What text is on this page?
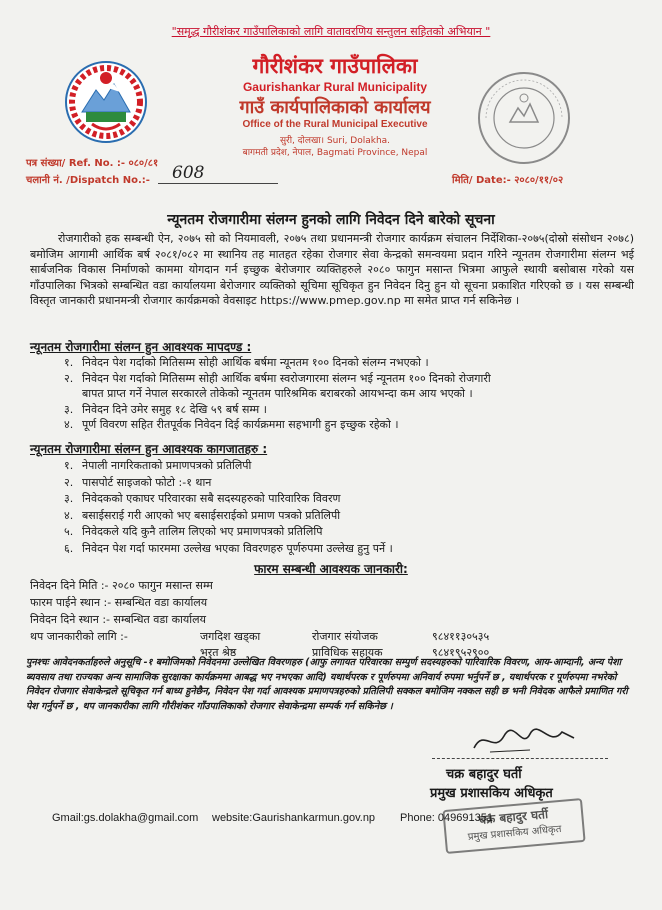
"समृद्ध गौरीशंकर गाउँपालिकाको लागि वातावरणिय सन्तुलन सहितको अभियान "
गौरीशंकर गाउँपालिका
Gaurishankar Rural Municipality
गाउँ कार्यपालिकाको कार्यालय
Office of the Rural Municipal Executive
सुरी, दोलखा। Suri, Dolakha.
बागमती प्रदेश, नेपाल, Bagmati Province, Nepal
पत्र संख्या/ Ref. No. :- ०८०/८१
चलानी नं. /Dispatch No.:- 608	मिति/ Date:- २०८०/११/०२
न्यूनतम रोजगारीमा संलग्न हुनको लागि निवेदन दिने बारेको सूचना
रोजगारीको हक सम्बन्धी ऐन, २०७५ सो को नियमावली, २०७५ तथा प्रधानमन्त्री रोजगार कार्यक्रम संचालन निर्देशिका-२०७५(दोस्रो संसोधन २०७८) बमोजिम आगामी आर्थिक बर्ष २०८१/०८२ मा स्थानिय तह मातहत रहेका रोजगार सेवा केन्द्रको समन्वयमा प्रदान गरिने न्यूनतम रोजगारीमा संलग्न भई सार्बजनिक विकास निर्माणको काममा योगदान गर्न इच्छुक बेरोजगार व्यक्तिहरुले २०८० फागुन मसान्त भित्रमा आफुले स्थायी बसोबास गरेको यस गाँउपालिका भित्रको सम्बन्धित वडा कार्यालयमा बेरोजगार व्यक्तिको सूचिमा सूचिकृत हुन निवेदन दिनु हुन यो सूचना प्रकाशित गरिएको छ । यस सम्बन्धी विस्तृत जानकारी प्रधानमन्त्री रोजगार कार्यक्रमको वेवसाइट https://www.pmep.gov.np मा समेत प्राप्त गर्न सकिनेछ ।
न्यूनतम रोजगारीमा संलग्न हुन आवश्यक मापदण्ड :
१. निवेदन पेश गर्दाको मितिसम्म सोही आर्थिक बर्षमा न्यूनतम १०० दिनको संलग्न नभएको ।
२. निवेदन पेश गर्दाको मितिसम्म सोही आर्थिक बर्षमा स्वरोजगारमा संलग्न भई न्यूनतम १०० दिनको रोजगारी
बापत प्राप्त गर्ने नेपाल सरकारले तोकेको न्यूनतम पारिश्रमिक बराबरको आयभन्दा कम आय भएको ।
३. निवेदन दिने उमेर समुह १८ देखि ५९ बर्ष सम्म ।
४. पूर्ण विवरण सहित रीतपूर्वक निवेदन दिई कार्यक्रममा सहभागी हुन इच्छुक रहेको ।
न्यूनतम रोजगारीमा संलग्न हुन आवश्यक कागजातहरु :
१. नेपाली नागरिकताको प्रमाणपत्रको प्रतिलिपी
२. पासपोर्ट साइजको फोटो :-१ थान
३. निवेदकको एकाघर परिवारका सबै सदस्यहरुको पारिवारिक विवरण
४. बसाईसराई गरी आएको भए बसाईसराईको प्रमाण पत्रको प्रतिलिपी
५. निवेदकले यदि कुनै तालिम लिएको भए प्रमाणपत्रको प्रतिलिपि
६. निवेदन पेश गर्दा फारममा उल्लेख भएका विवरणहरु पूर्णरुपमा उल्लेख हुनु पर्ने ।
फारम सम्बन्धी आवश्यक जानकारी:
निवेदन दिने मिति :- २०८० फागुन मसान्त सम्म
फारम पाईने स्थान :- सम्बन्धित वडा कार्यालय
निवेदन दिने स्थान :- सम्बन्धित वडा कार्यालय
थप जानकारीको लागि :-	जगदिश खड्का	रोजगार संयोजक	९८४११३०५३५
भरत श्रेष्ठ	प्राविधिक सहायक	९८४१९५२९००
पुनश्चः आवेदनकर्ताहरुले अनुसूचि -१ बमोजिमको निवेदनमा उल्लेखित विवरणहरु (आफु लगायत परिवारका सम्पुर्ण सदस्यहरुको पारिवारिक विवरण, आय-आम्दानी, अन्य पेशा ब्यवसाय तथा राज्यका अन्य सामाजिक सुरक्षाका कार्यक्रममा आबद्ध भए नभएका आदि) यथार्थपरक र पूर्णरुपमा अनिवार्य रुपमा भर्नुपर्ने छ , यथार्थपरक र पूर्णरुपमा नभरेको निवेदन रोजगार सेवाकेन्द्रले सूचिकृत गर्न बाध्य हुनेछैन, निवेदन पेश गर्दा आवश्यक प्रमाणपत्रहरुको प्रतिलिपी सक्कल बमोजिम नक्कल सही छ भनी निवेदक आफैले प्रमाणित गरी पेश गर्नुपर्ने छ , थप जानकारीका लागि गौरीशंकर गाँउपालिकाको रोजगार सेवाकेन्द्रमा सम्पर्क गर्न सकिनेछ ।
चक्र बहादुर घर्ती
प्रमुख प्रशासकिय अधिकृत
चक्र बहादुर घर्ती
प्रमुख प्रशासकिय अधिकृत
Gmail:gs.dolakha@gmail.com website:Gaurishankarmun.gov.np Phone: 049691351
